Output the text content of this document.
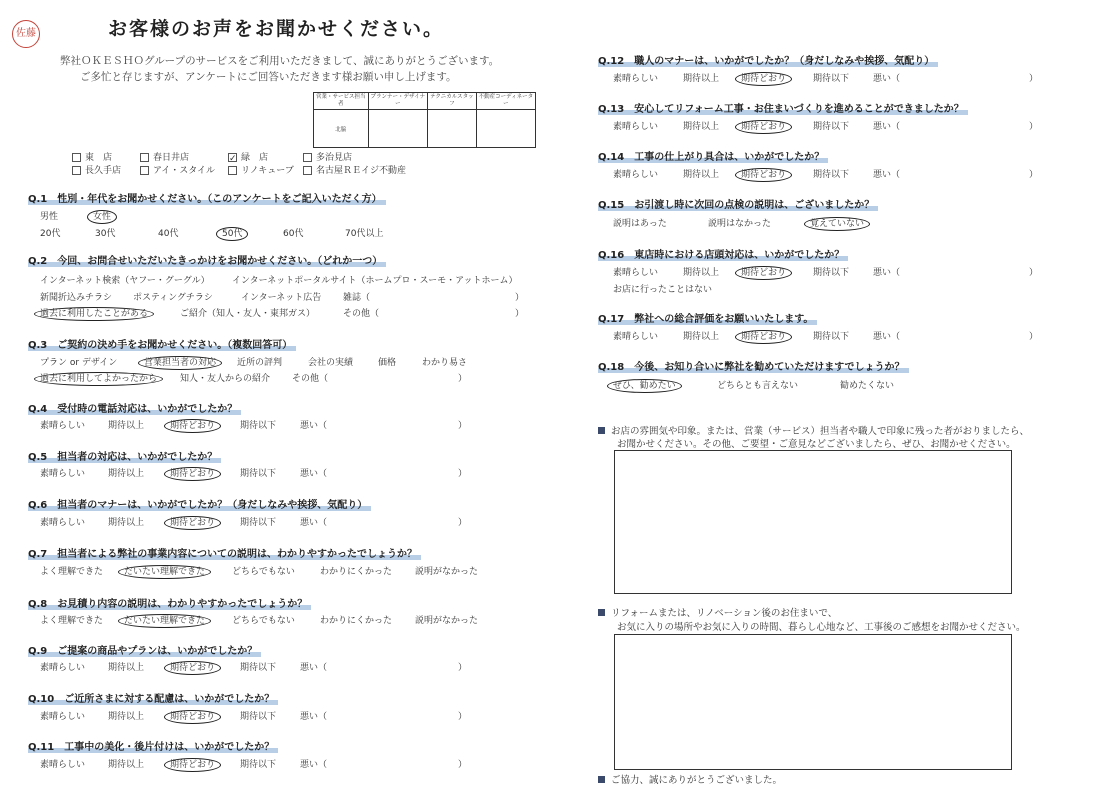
佐藤	お客様のお声をお聞かせください。
弊社ＯＫＥＳＨＯグループのサービスをご利用いただきまして、誠にありがとうございます。
ご多忙と存じますが、アンケートにご回答いただきます様お願い申し上げます。
営業・サービス担当者	プランナー・デザイナー	テクニカルスタッフ	不動産コーディネーター
北脇			
東　店	春日井店	✓ 緑　店	多治見店
長久手店	アイ・スタイル	リノキューブ	名古屋ＲＥイジ不動産
Q.1　性別・年代をお聞かせください。（このアンケートをご記入いただく方）
男性	女性
20代	30代	40代	50代	60代	70代以上
Q.2　今回、お問合せいただいたきっかけをお聞かせください。（どれか一つ）
インターネット検索（ヤフー・グーグル） インターネットポータルサイト（ホームプロ・スーモ・アットホーム）
新聞折込みチラシ ポスティングチラシ	インターネット広告 雑誌（	）
過去に利用したことがある	ご紹介（知人・友人・東邦ガス）	その他（	）
Q.3　ご契約の決め手をお聞かせください。（複数回答可）
プラン or デザイン	営業担当者の対応 近所の評判	会社の実績	価格	わかり易さ
過去に利用してよかったから	知人・友人からの紹介 その他（	）
Q.4　受付時の電話対応は、いかがでしたか？
Q.5　担当者の対応は、いかがでしたか？
Q.6　担当者のマナーは、いかがでしたか？（身だしなみや挨拶、気配り）
Q.7　担当者による弊社の事業内容についての説明は、わかりやすかったでしょうか？
Q.8　お見積り内容の説明は、わかりやすかったでしょうか？
Q.9　ご提案の商品やプランは、いかがでしたか？
Q.10　ご近所さまに対する配慮は、いかがでしたか？
Q.11　工事中の美化・後片付けは、いかがでしたか？
Q.12　職人のマナーは、いかがでしたか？（身だしなみや挨拶、気配り）
Q.13　安心してリフォーム工事・お住まいづくりを進めることができましたか？
Q.14　工事の仕上がり具合は、いかがでしたか？
Q.15　お引渡し時に次回の点検の説明は、ございましたか？
説明はあった	説明はなかった	覚えていない
Q.16　東店時における店頭対応は、いかがでしたか？
お店に行ったことはない
Q.17　弊社への総合評価をお願いいたします。
Q.18　今後、お知り合いに弊社を勧めていただけますでしょうか？
ぜひ、勧めたい	どちらとも言えない	勧めたくない
素晴らしい	期待以上	期待どおり	期待以下	悪い（	）
素晴らしい	期待以上	期待どおり	期待以下	悪い（	）
素晴らしい	期待以上	期待どおり	期待以下	悪い（	）
素晴らしい	期待以上	期待どおり	期待以下	悪い（	）
素晴らしい	期待以上	期待どおり	期待以下	悪い（	）
素晴らしい	期待以上	期待どおり	期待以下	悪い（	）
素晴らしい	期待以上 期待どおり	期待以下	悪い（	）
素晴らしい	期待以上 期待どおり	期待以下	悪い（	）
素晴らしい	期待以上 期待どおり	期待以下	悪い（	）
素晴らしい	期待以上 期待どおり	期待以下	悪い（	）
素晴らしい	期待以上 期待どおり	期待以下	悪い（	）
よく理解できた だいたい理解できた	どちらでもない	わかりにくかった	説明がなかった
よく理解できた だいたい理解できた	どちらでもない	わかりにくかった	説明がなかった
お店の雰囲気や印象。または、営業（サービス）担当者や職人で印象に残った者がおりましたら、
お聞かせください。その他、ご要望・ご意見などございましたら、ぜひ、お聞かせください。
リフォームまたは、リノベーション後のお住まいで、
お気に入りの場所やお気に入りの時間、暮らし心地など、工事後のご感想をお聞かせください。
ご協力、誠にありがとうございました。
